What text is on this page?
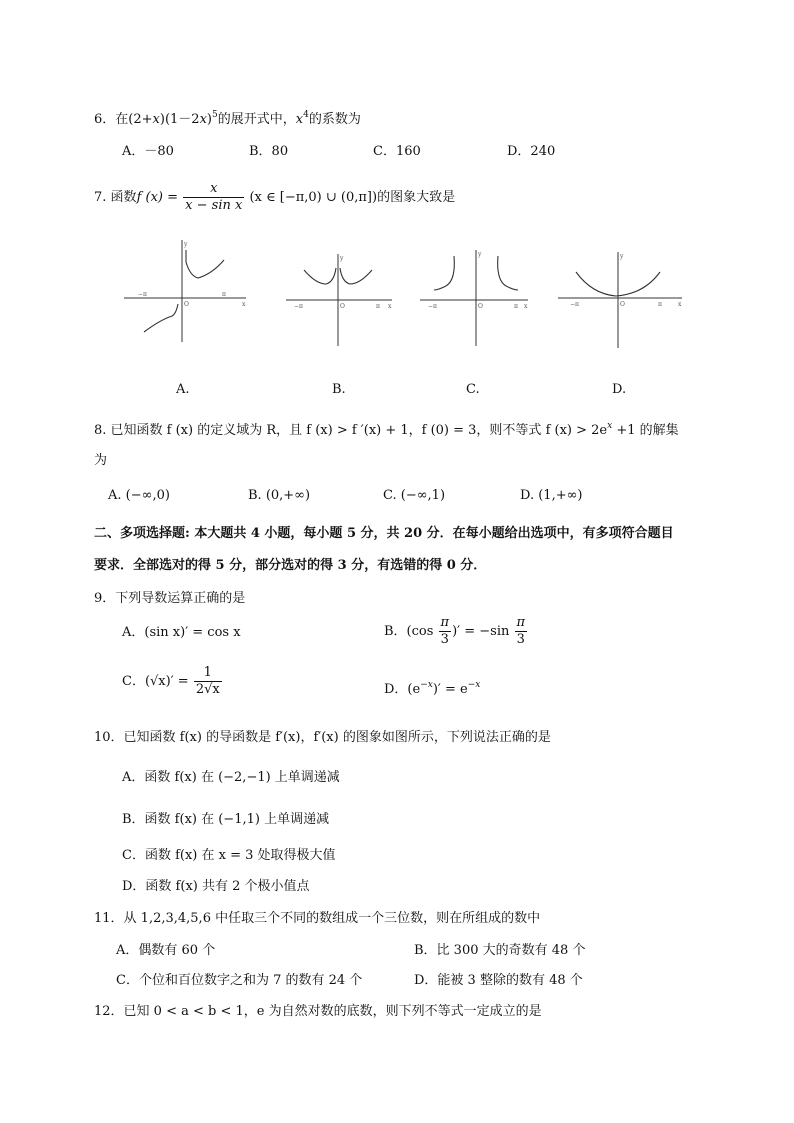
6．在$(2+x)(1-2x)^5$的展开式中，$x^4$的系数为
A．－80	B．80	C．160	D．240
7. 函数f $(x) = \frac{x}{\text{x − sin x}} (x$ ∈ [−π,0) ∪ (0,π])的图象大致是
y
x
O
−π	π
A.
y
x
O
−π	π
B.
y
x
O
−π	π
C.
y
x
O
−π	π
D.
8. 已知函数 f (x) 的定义域为 R，且 f (x) > f ′(x) + 1，f (0) = 3，则不等式 f $(x) > 2e^x +1$ 的解集
为
A. (−∞,0)	B. (0,+∞)	C. (−∞,1)	D. (1,+∞)
二、多项选择题: 本大题共 4 小题，每小题 5 分，共 20 分．在每小题给出选项中，有多项符合题目
要求．全部选对的得 5 分，部分选对的得 3 分，有选错的得 0 分．
9．下列导数运算正确的是
A．(sin x)′ = cos x	B．($\cos \frac{\pi}{3}$ )′ = $-\sin \frac{\pi}{3}$
C．$(√x)' = \frac{1}{2√x}$	D．$(e^{-x})' = e^{-x}$
10．已知函数 f(x) 的导函数是 f′(x)，f′(x) 的图象如图所示，下列说法正确的是
A．函数 f(x) 在 (−2,−1) 上单调递减
B．函数 f(x) 在 (−1,1) 上单调递减
C．函数 f(x) 在 x = 3 处取得极大值
D．函数 f(x) 共有 2 个极小值点
11．从 1,2,3,4,5,6 中任取三个不同的数组成一个三位数，则在所组成的数中
A．偶数有 60 个	B．比 300 大的奇数有 48 个
C．个位和百位数字之和为 7 的数有 24 个	D．能被 3 整除的数有 48 个
12．已知 0 < a < b < 1，e 为自然对数的底数，则下列不等式一定成立的是
